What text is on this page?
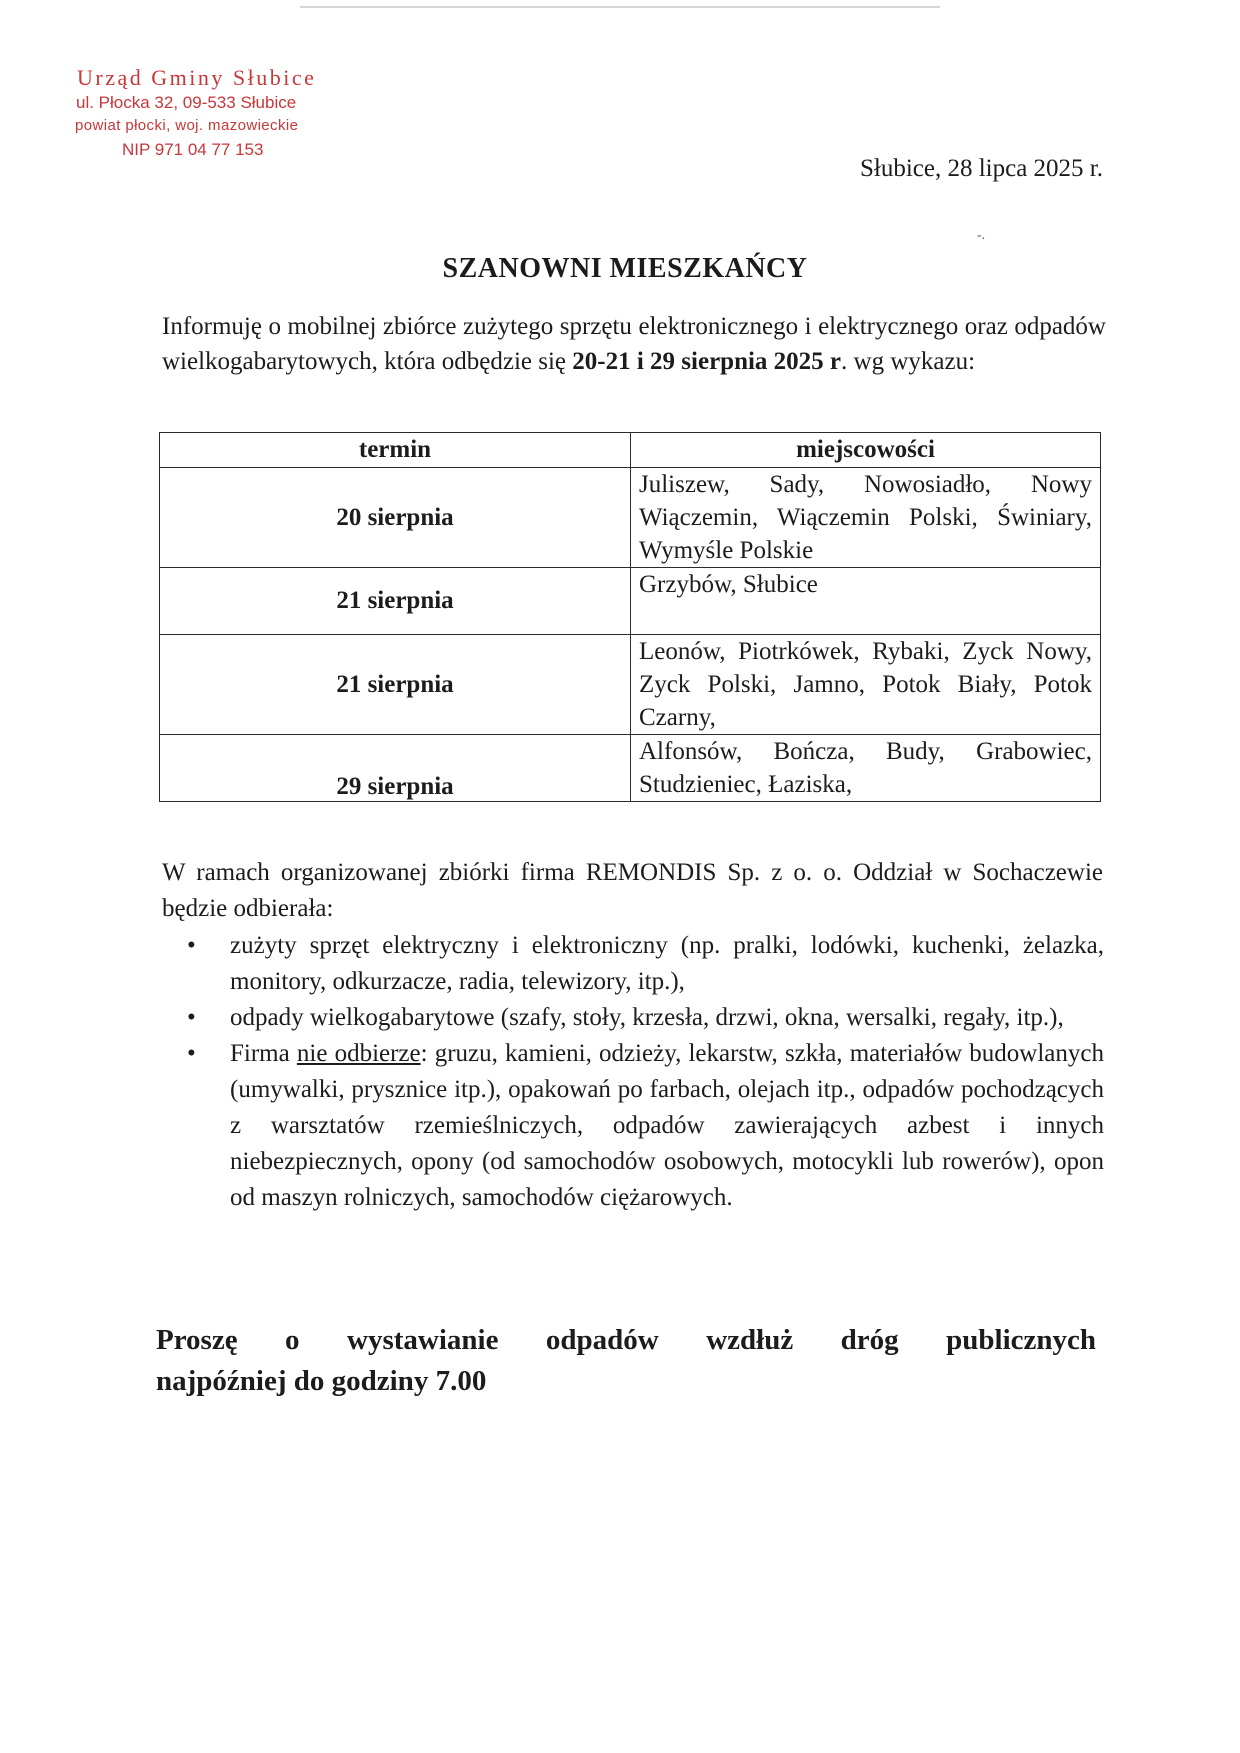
Urząd Gminy Słubice
ul. Płocka 32, 09-533 Słubice
powiat płocki, woj. mazowieckie
NIP 971 04 77 153
Słubice, 28 lipca 2025 r.
-.
SZANOWNI MIESZKAŃCY

Informuję o mobilnej zbiórce zużytego sprzętu elektronicznego i elektrycznego oraz odpadów wielkogabarytowych, która odbędzie się 20-21 i 29 sierpnia 2025 r. wg wykazu:

termin	miejscowości
20 sierpnia	Juliszew, Sady, Nowosiadło, Nowy Wiączemin, Wiączemin Polski, Świniary, Wymyśle Polskie
21 sierpnia	Grzybów, Słubice
21 sierpnia	Leonów, Piotrkówek, Rybaki, Zyck Nowy, Zyck Polski, Jamno, Potok Biały, Potok Czarny,
29 sierpnia	Alfonsów, Bończa, Budy, Grabowiec, Studzieniec, Łaziska,

W ramach organizowanej zbiórki firma REMONDIS Sp. z o. o. Oddział w Sochaczewie będzie odbierała:

• zużyty sprzęt elektryczny i elektroniczny (np. pralki, lodówki, kuchenki, żelazka, monitory, odkurzacze, radia, telewizory, itp.),
• odpady wielkogabarytowe (szafy, stoły, krzesła, drzwi, okna, wersalki, regały, itp.),
• Firma nie odbierze: gruzu, kamieni, odzieży, lekarstw, szkła, materiałów budowlanych (umywalki, prysznice itp.), opakowań po farbach, olejach itp., odpadów pochodzących z warsztatów rzemieślniczych, odpadów zawierających azbest i innych niebezpiecznych, opony (od samochodów osobowych, motocykli lub rowerów), opon od maszyn rolniczych, samochodów ciężarowych.

Proszę o wystawianie odpadów wzdłuż dróg publicznych
najpóźniej do godziny 7.00
